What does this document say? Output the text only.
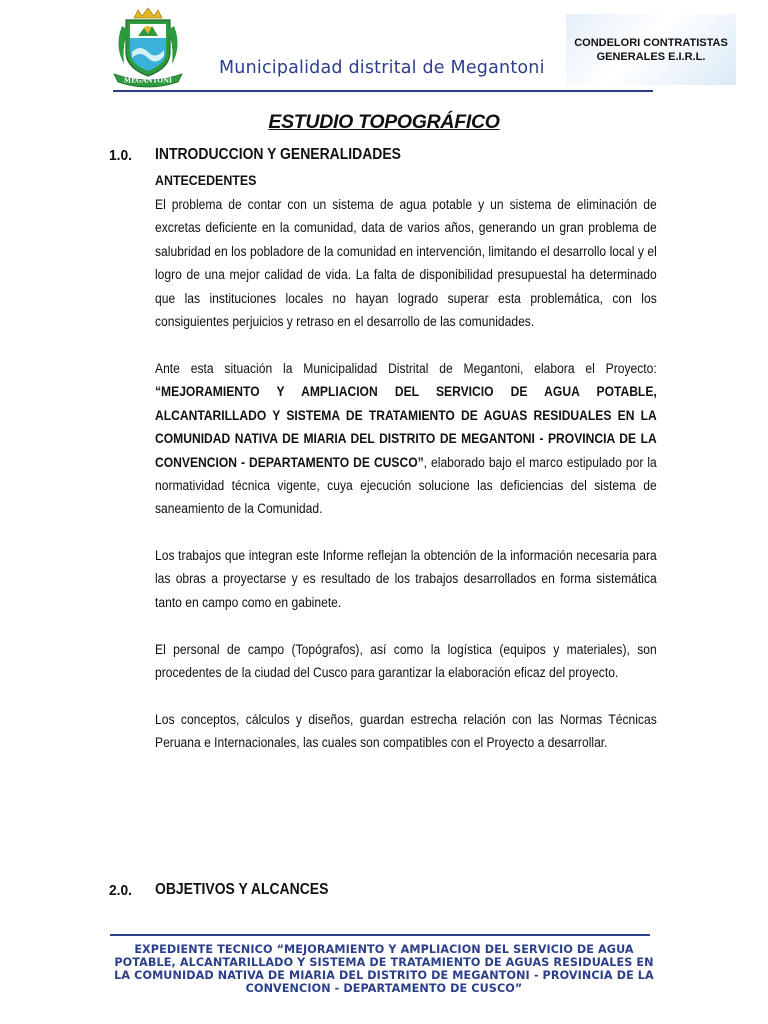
MEGANTONI
Municipalidad distrital de Megantoni
CONDELORI CONTRATISTAS
GENERALES E.I.R.L.
ESTUDIO TOPOGRÁFICO
1.0. INTRODUCCION Y GENERALIDADES
ANTECEDENTES

El problema de contar con un sistema de agua potable y un sistema de eliminación de excretas deficiente en la comunidad, data de varios años, generando un gran problema de salubridad en los pobladore de la comunidad en intervención, limitando el desarrollo local y el logro de una mejor calidad de vida. La falta de disponibilidad presupuestal ha determinado que las instituciones locales no hayan logrado superar esta problemática, con los consiguientes perjuicios y retraso en el desarrollo de las comunidades.

Ante esta situación la Municipalidad Distrital de Megantoni, elabora el Proyecto: “MEJORAMIENTO Y AMPLIACION DEL SERVICIO DE AGUA POTABLE, ALCANTARILLADO Y SISTEMA DE TRATAMIENTO DE AGUAS RESIDUALES EN LA COMUNIDAD NATIVA DE MIARIA DEL DISTRITO DE MEGANTONI - PROVINCIA DE LA CONVENCION - DEPARTAMENTO DE CUSCO”, elaborado bajo el marco estipulado por la normatividad técnica vigente, cuya ejecución solucione las deficiencias del sistema de saneamiento de la Comunidad.

Los trabajos que integran este Informe reflejan la obtención de la información necesaria para las obras a proyectarse y es resultado de los trabajos desarrollados en forma sistemática tanto en campo como en gabinete.

El personal de campo (Topógrafos), así como la logística (equipos y materiales), son procedentes de la ciudad del Cusco para garantizar la elaboración eficaz del proyecto.

Los conceptos, cálculos y diseños, guardan estrecha relación con las Normas Técnicas Peruana e Internacionales, las cuales son compatibles con el Proyecto a desarrollar.

2.0. OBJETIVOS Y ALCANCES
EXPEDIENTE TECNICO “MEJORAMIENTO Y AMPLIACION DEL SERVICIO DE AGUA POTABLE, ALCANTARILLADO Y SISTEMA DE TRATAMIENTO DE AGUAS RESIDUALES EN LA COMUNIDAD NATIVA DE MIARIA DEL DISTRITO DE MEGANTONI - PROVINCIA DE LA CONVENCION - DEPARTAMENTO DE CUSCO”
